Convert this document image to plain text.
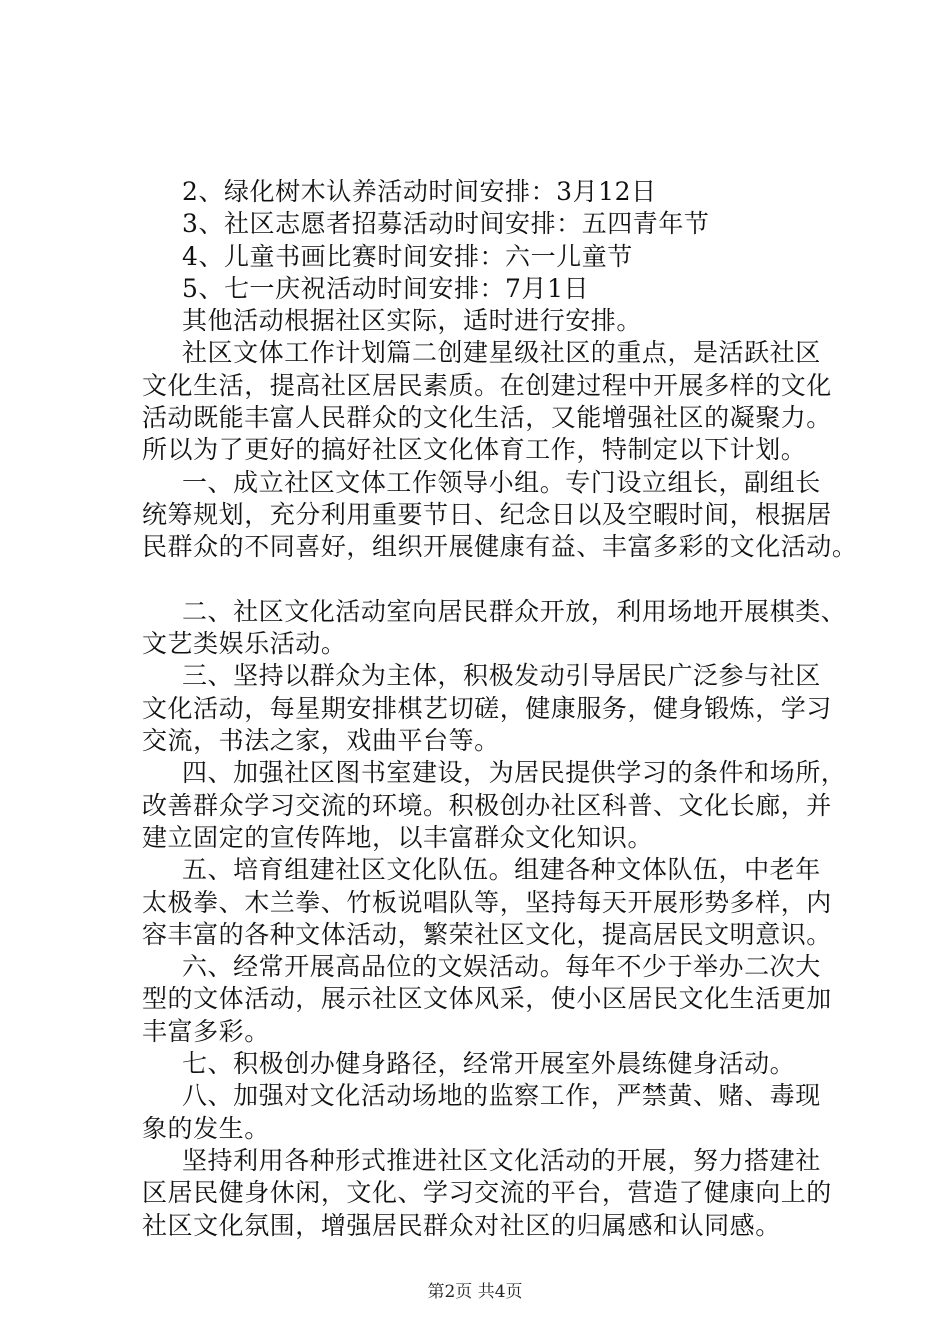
2、绿化树木认养活动时间安排：3月12日
3、社区志愿者招募活动时间安排：五四青年节
4、儿童书画比赛时间安排：六一儿童节
5、七一庆祝活动时间安排：7月1日
其他活动根据社区实际，适时进行安排。
社区文体工作计划篇二创建星级社区的重点，是活跃社区
文化生活，提高社区居民素质。在创建过程中开展多样的文化
活动既能丰富人民群众的文化生活，又能增强社区的凝聚力。
所以为了更好的搞好社区文化体育工作，特制定以下计划。
一、成立社区文体工作领导小组。专门设立组长，副组长
统筹规划，充分利用重要节日、纪念日以及空暇时间，根据居
民群众的不同喜好，组织开展健康有益、丰富多彩的文化活动。
二、社区文化活动室向居民群众开放，利用场地开展棋类、
文艺类娱乐活动。
三、坚持以群众为主体，积极发动引导居民广泛参与社区
文化活动，每星期安排棋艺切磋，健康服务，健身锻炼，学习
交流，书法之家，戏曲平台等。
四、加强社区图书室建设，为居民提供学习的条件和场所，
改善群众学习交流的环境。积极创办社区科普、文化长廊，并
建立固定的宣传阵地，以丰富群众文化知识。
五、培育组建社区文化队伍。组建各种文体队伍，中老年
太极拳、木兰拳、竹板说唱队等，坚持每天开展形势多样，内
容丰富的各种文体活动，繁荣社区文化，提高居民文明意识。
六、经常开展高品位的文娱活动。每年不少于举办二次大
型的文体活动，展示社区文体风采，使小区居民文化生活更加
丰富多彩。
七、积极创办健身路径，经常开展室外晨练健身活动。
八、加强对文化活动场地的监察工作，严禁黄、赌、毒现
象的发生。
坚持利用各种形式推进社区文化活动的开展，努力搭建社
区居民健身休闲，文化、学习交流的平台，营造了健康向上的
社区文化氛围，增强居民群众对社区的归属感和认同感。
第2页 共4页
